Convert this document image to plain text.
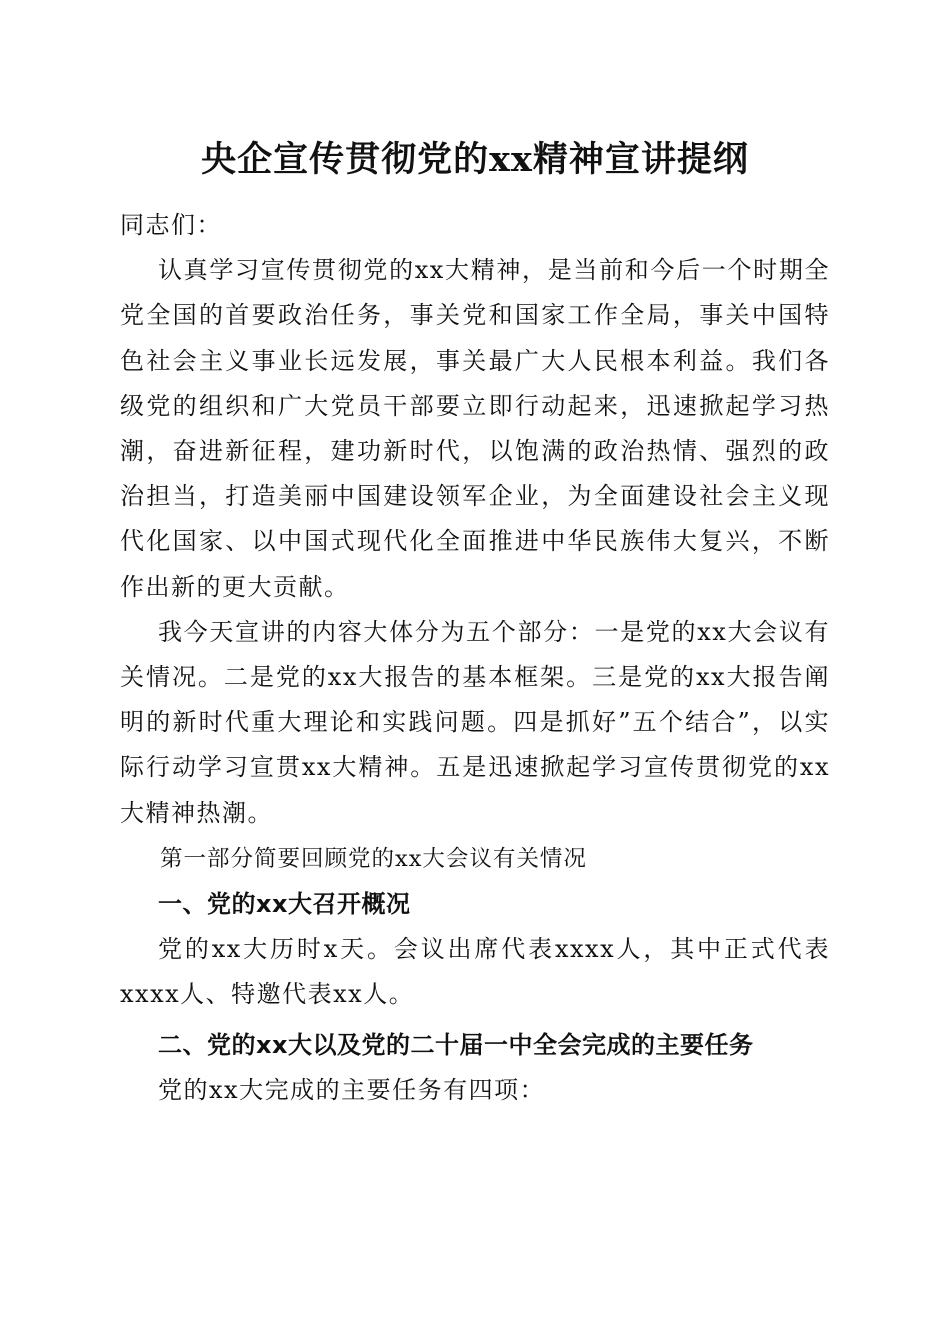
央企宣传贯彻党的xx精神宣讲提纲

同志们：

认真学习宣传贯彻党的xx大精神，是当前和今后一个时期全党全国的首要政治任务，事关党和国家工作全局，事关中国特色社会主义事业长远发展，事关最广大人民根本利益。我们各级党的组织和广大党员干部要立即行动起来，迅速掀起学习热潮，奋进新征程，建功新时代，以饱满的政治热情、强烈的政治担当，打造美丽中国建设领军企业，为全面建设社会主义现代化国家、以中国式现代化全面推进中华民族伟大复兴，不断作出新的更大贡献。

我今天宣讲的内容大体分为五个部分：一是党的xx大会议有关情况。二是党的xx大报告的基本框架。三是党的xx大报告阐明的新时代重大理论和实践问题。四是抓好”五个结合”，以实际行动学习宣贯xx大精神。五是迅速掀起学习宣传贯彻党的xx大精神热潮。

第一部分简要回顾党的xx大会议有关情况

一、党的xx大召开概况

党的xx大历时x天。会议出席代表xxxx人，其中正式代表xxxx人、特邀代表xx人。

二、党的xx大以及党的二十届一中全会完成的主要任务

党的xx大完成的主要任务有四项：
